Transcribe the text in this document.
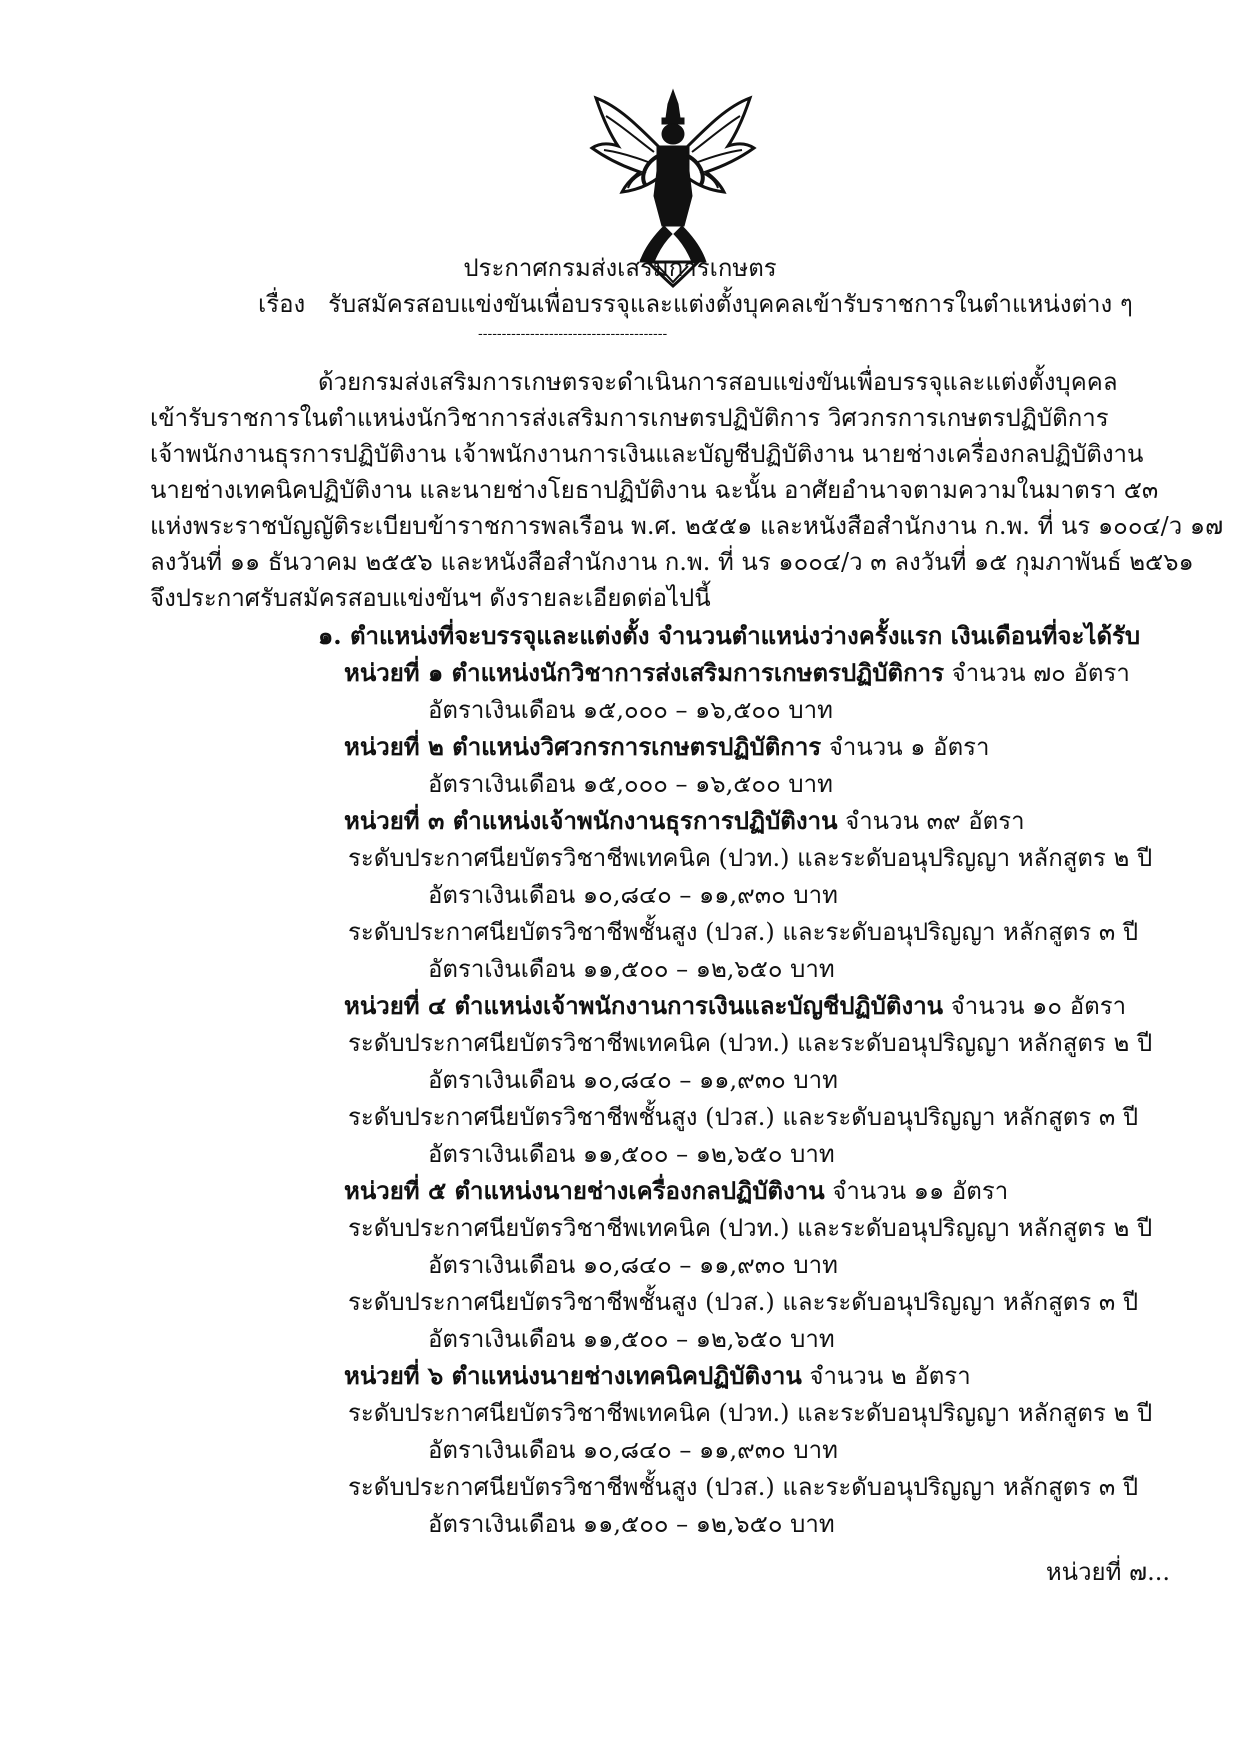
ประกาศกรมส่งเสริมการเกษตร
เรื่อง รับสมัครสอบแข่งขันเพื่อบรรจุและแต่งตั้งบุคคลเข้ารับราชการในตำแหน่งต่าง ๆ
----------------------------------------
ด้วยกรมส่งเสริมการเกษตรจะดำเนินการสอบแข่งขันเพื่อบรรจุและแต่งตั้งบุคคล
เข้ารับราชการในตำแหน่งนักวิชาการส่งเสริมการเกษตรปฏิบัติการ วิศวกรการเกษตรปฏิบัติการ
เจ้าพนักงานธุรการปฏิบัติงาน เจ้าพนักงานการเงินและบัญชีปฏิบัติงาน นายช่างเครื่องกลปฏิบัติงาน
นายช่างเทคนิคปฏิบัติงาน และนายช่างโยธาปฏิบัติงาน ฉะนั้น อาศัยอำนาจตามความในมาตรา ๕๓
แห่งพระราชบัญญัติระเบียบข้าราชการพลเรือน พ.ศ. ๒๕๕๑ และหนังสือสำนักงาน ก.พ. ที่ นร ๑๐๐๔/ว ๑๗
ลงวันที่ ๑๑ ธันวาคม ๒๕๕๖ และหนังสือสำนักงาน ก.พ. ที่ นร ๑๐๐๔/ว ๓ ลงวันที่ ๑๕ กุมภาพันธ์ ๒๕๖๑
จึงประกาศรับสมัครสอบแข่งขันฯ ดังรายละเอียดต่อไปนี้
๑. ตำแหน่งที่จะบรรจุและแต่งตั้ง จำนวนตำแหน่งว่างครั้งแรก เงินเดือนที่จะได้รับ
หน่วยที่ ๑ ตำแหน่งนักวิชาการส่งเสริมการเกษตรปฏิบัติการ จำนวน ๗๐ อัตรา
อัตราเงินเดือน ๑๕,๐๐๐ – ๑๖,๕๐๐ บาท
หน่วยที่ ๒ ตำแหน่งวิศวกรการเกษตรปฏิบัติการ จำนวน ๑ อัตรา
อัตราเงินเดือน ๑๕,๐๐๐ – ๑๖,๕๐๐ บาท
หน่วยที่ ๓ ตำแหน่งเจ้าพนักงานธุรการปฏิบัติงาน จำนวน ๓๙ อัตรา
ระดับประกาศนียบัตรวิชาชีพเทคนิค (ปวท.) และระดับอนุปริญญา หลักสูตร ๒ ปี
อัตราเงินเดือน ๑๐,๘๔๐ – ๑๑,๙๓๐ บาท
ระดับประกาศนียบัตรวิชาชีพชั้นสูง (ปวส.) และระดับอนุปริญญา หลักสูตร ๓ ปี
อัตราเงินเดือน ๑๑,๕๐๐ – ๑๒,๖๕๐ บาท
หน่วยที่ ๔ ตำแหน่งเจ้าพนักงานการเงินและบัญชีปฏิบัติงาน จำนวน ๑๐ อัตรา
ระดับประกาศนียบัตรวิชาชีพเทคนิค (ปวท.) และระดับอนุปริญญา หลักสูตร ๒ ปี
อัตราเงินเดือน ๑๐,๘๔๐ – ๑๑,๙๓๐ บาท
ระดับประกาศนียบัตรวิชาชีพชั้นสูง (ปวส.) และระดับอนุปริญญา หลักสูตร ๓ ปี
อัตราเงินเดือน ๑๑,๕๐๐ – ๑๒,๖๕๐ บาท
หน่วยที่ ๕ ตำแหน่งนายช่างเครื่องกลปฏิบัติงาน จำนวน ๑๑ อัตรา
ระดับประกาศนียบัตรวิชาชีพเทคนิค (ปวท.) และระดับอนุปริญญา หลักสูตร ๒ ปี
อัตราเงินเดือน ๑๐,๘๔๐ – ๑๑,๙๓๐ บาท
ระดับประกาศนียบัตรวิชาชีพชั้นสูง (ปวส.) และระดับอนุปริญญา หลักสูตร ๓ ปี
อัตราเงินเดือน ๑๑,๕๐๐ – ๑๒,๖๕๐ บาท
หน่วยที่ ๖ ตำแหน่งนายช่างเทคนิคปฏิบัติงาน จำนวน ๒ อัตรา
ระดับประกาศนียบัตรวิชาชีพเทคนิค (ปวท.) และระดับอนุปริญญา หลักสูตร ๒ ปี
อัตราเงินเดือน ๑๐,๘๔๐ – ๑๑,๙๓๐ บาท
ระดับประกาศนียบัตรวิชาชีพชั้นสูง (ปวส.) และระดับอนุปริญญา หลักสูตร ๓ ปี
อัตราเงินเดือน ๑๑,๕๐๐ – ๑๒,๖๕๐ บาท
หน่วยที่ ๗...
